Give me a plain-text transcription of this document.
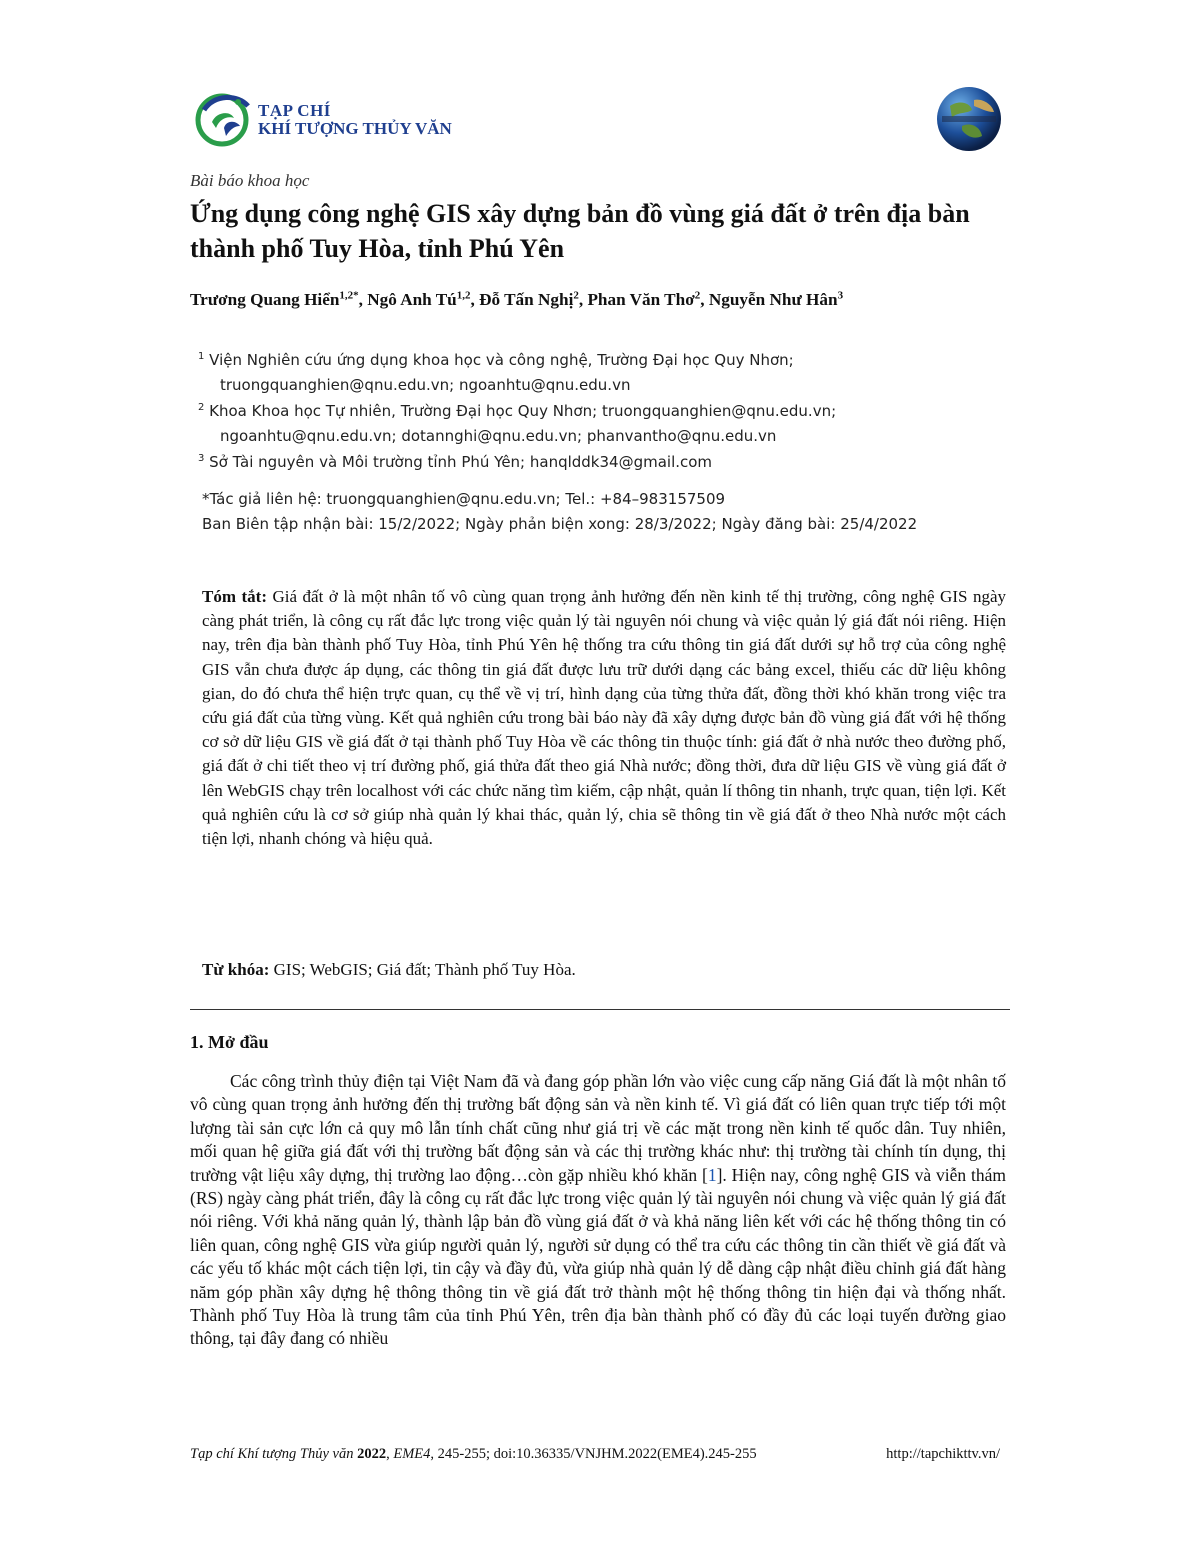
TẠP CHÍ
KHÍ TƯỢNG THỦY VĂN
Bài báo khoa học
Ứng dụng công nghệ GIS xây dựng bản đồ vùng giá đất ở trên địa bàn thành phố Tuy Hòa, tỉnh Phú Yên
Trương Quang Hiển$^{1,2*}$, Ngô Anh Tú$^{1,2}$, Đỗ Tấn Nghị$^2$, Phan Văn Thơ$^2$, Nguyễn Như Hân$^3$
$^1$ Viện Nghiên cứu ứng dụng khoa học và công nghệ, Trường Đại học Quy Nhơn;
truongquanghien@qnu.edu.vn; ngoanhtu@qnu.edu.vn
$^2$ Khoa Khoa học Tự nhiên, Trường Đại học Quy Nhơn; truongquanghien@qnu.edu.vn;
ngoanhtu@qnu.edu.vn; dotannghi@qnu.edu.vn; phanvantho@qnu.edu.vn
$^3$ Sở Tài nguyên và Môi trường tỉnh Phú Yên; hanqlddk34@gmail.com
*Tác giả liên hệ: truongquanghien@qnu.edu.vn; Tel.: +84–983157509
Ban Biên tập nhận bài: 15/2/2022; Ngày phản biện xong: 28/3/2022; Ngày đăng bài: 25/4/2022

Tóm tắt: Giá đất ở là một nhân tố vô cùng quan trọng ảnh hưởng đến nền kinh tế thị trường, công nghệ GIS ngày càng phát triển, là công cụ rất đắc lực trong việc quản lý tài nguyên nói chung và việc quản lý giá đất nói riêng. Hiện nay, trên địa bàn thành phố Tuy Hòa, tỉnh Phú Yên hệ thống tra cứu thông tin giá đất dưới sự hỗ trợ của công nghệ GIS vẫn chưa được áp dụng, các thông tin giá đất được lưu trữ dưới dạng các bảng excel, thiếu các dữ liệu không gian, do đó chưa thể hiện trực quan, cụ thể về vị trí, hình dạng của từng thửa đất, đồng thời khó khăn trong việc tra cứu giá đất của từng vùng. Kết quả nghiên cứu trong bài báo này đã xây dựng được bản đồ vùng giá đất với hệ thống cơ sở dữ liệu GIS về giá đất ở tại thành phố Tuy Hòa về các thông tin thuộc tính: giá đất ở nhà nước theo đường phố, giá đất ở chi tiết theo vị trí đường phố, giá thửa đất theo giá Nhà nước; đồng thời, đưa dữ liệu GIS về vùng giá đất ở lên WebGIS chạy trên localhost với các chức năng tìm kiếm, cập nhật, quản lí thông tin nhanh, trực quan, tiện lợi. Kết quả nghiên cứu là cơ sở giúp nhà quản lý khai thác, quản lý, chia sẽ thông tin về giá đất ở theo Nhà nước một cách tiện lợi, nhanh chóng và hiệu quả.

Từ khóa: GIS; WebGIS; Giá đất; Thành phố Tuy Hòa.

1. Mở đầu

Các công trình thủy điện tại Việt Nam đã và đang góp phần lớn vào việc cung cấp năng Giá đất là một nhân tố vô cùng quan trọng ảnh hưởng đến thị trường bất động sản và nền kinh tế. Vì giá đất có liên quan trực tiếp tới một lượng tài sản cực lớn cả quy mô lẫn tính chất cũng như giá trị về các mặt trong nền kinh tế quốc dân. Tuy nhiên, mối quan hệ giữa giá đất với thị trường bất động sản và các thị trường khác như: thị trường tài chính tín dụng, thị trường vật liệu xây dựng, thị trường lao động…còn gặp nhiều khó khăn [1]. Hiện nay, công nghệ GIS và viễn thám (RS) ngày càng phát triển, đây là công cụ rất đắc lực trong việc quản lý tài nguyên nói chung và việc quản lý giá đất nói riêng. Với khả năng quản lý, thành lập bản đồ vùng giá đất ở và khả năng liên kết với các hệ thống thông tin có liên quan, công nghệ GIS vừa giúp người quản lý, người sử dụng có thể tra cứu các thông tin cần thiết về giá đất và các yếu tố khác một cách tiện lợi, tin cậy và đầy đủ, vừa giúp nhà quản lý dễ dàng cập nhật điều chỉnh giá đất hàng năm góp phần xây dựng hệ thông thông tin về giá đất trở thành một hệ thống thông tin hiện đại và thống nhất. Thành phố Tuy Hòa là trung tâm của tỉnh Phú Yên, trên địa bàn thành phố có đầy đủ các loại tuyến đường giao thông, tại đây đang có nhiều

Tạp chí Khí tượng Thủy văn 2022, EME4, 245-255; doi:10.36335/VNJHM.2022(EME4).245-255	http://tapchikttv.vn/
